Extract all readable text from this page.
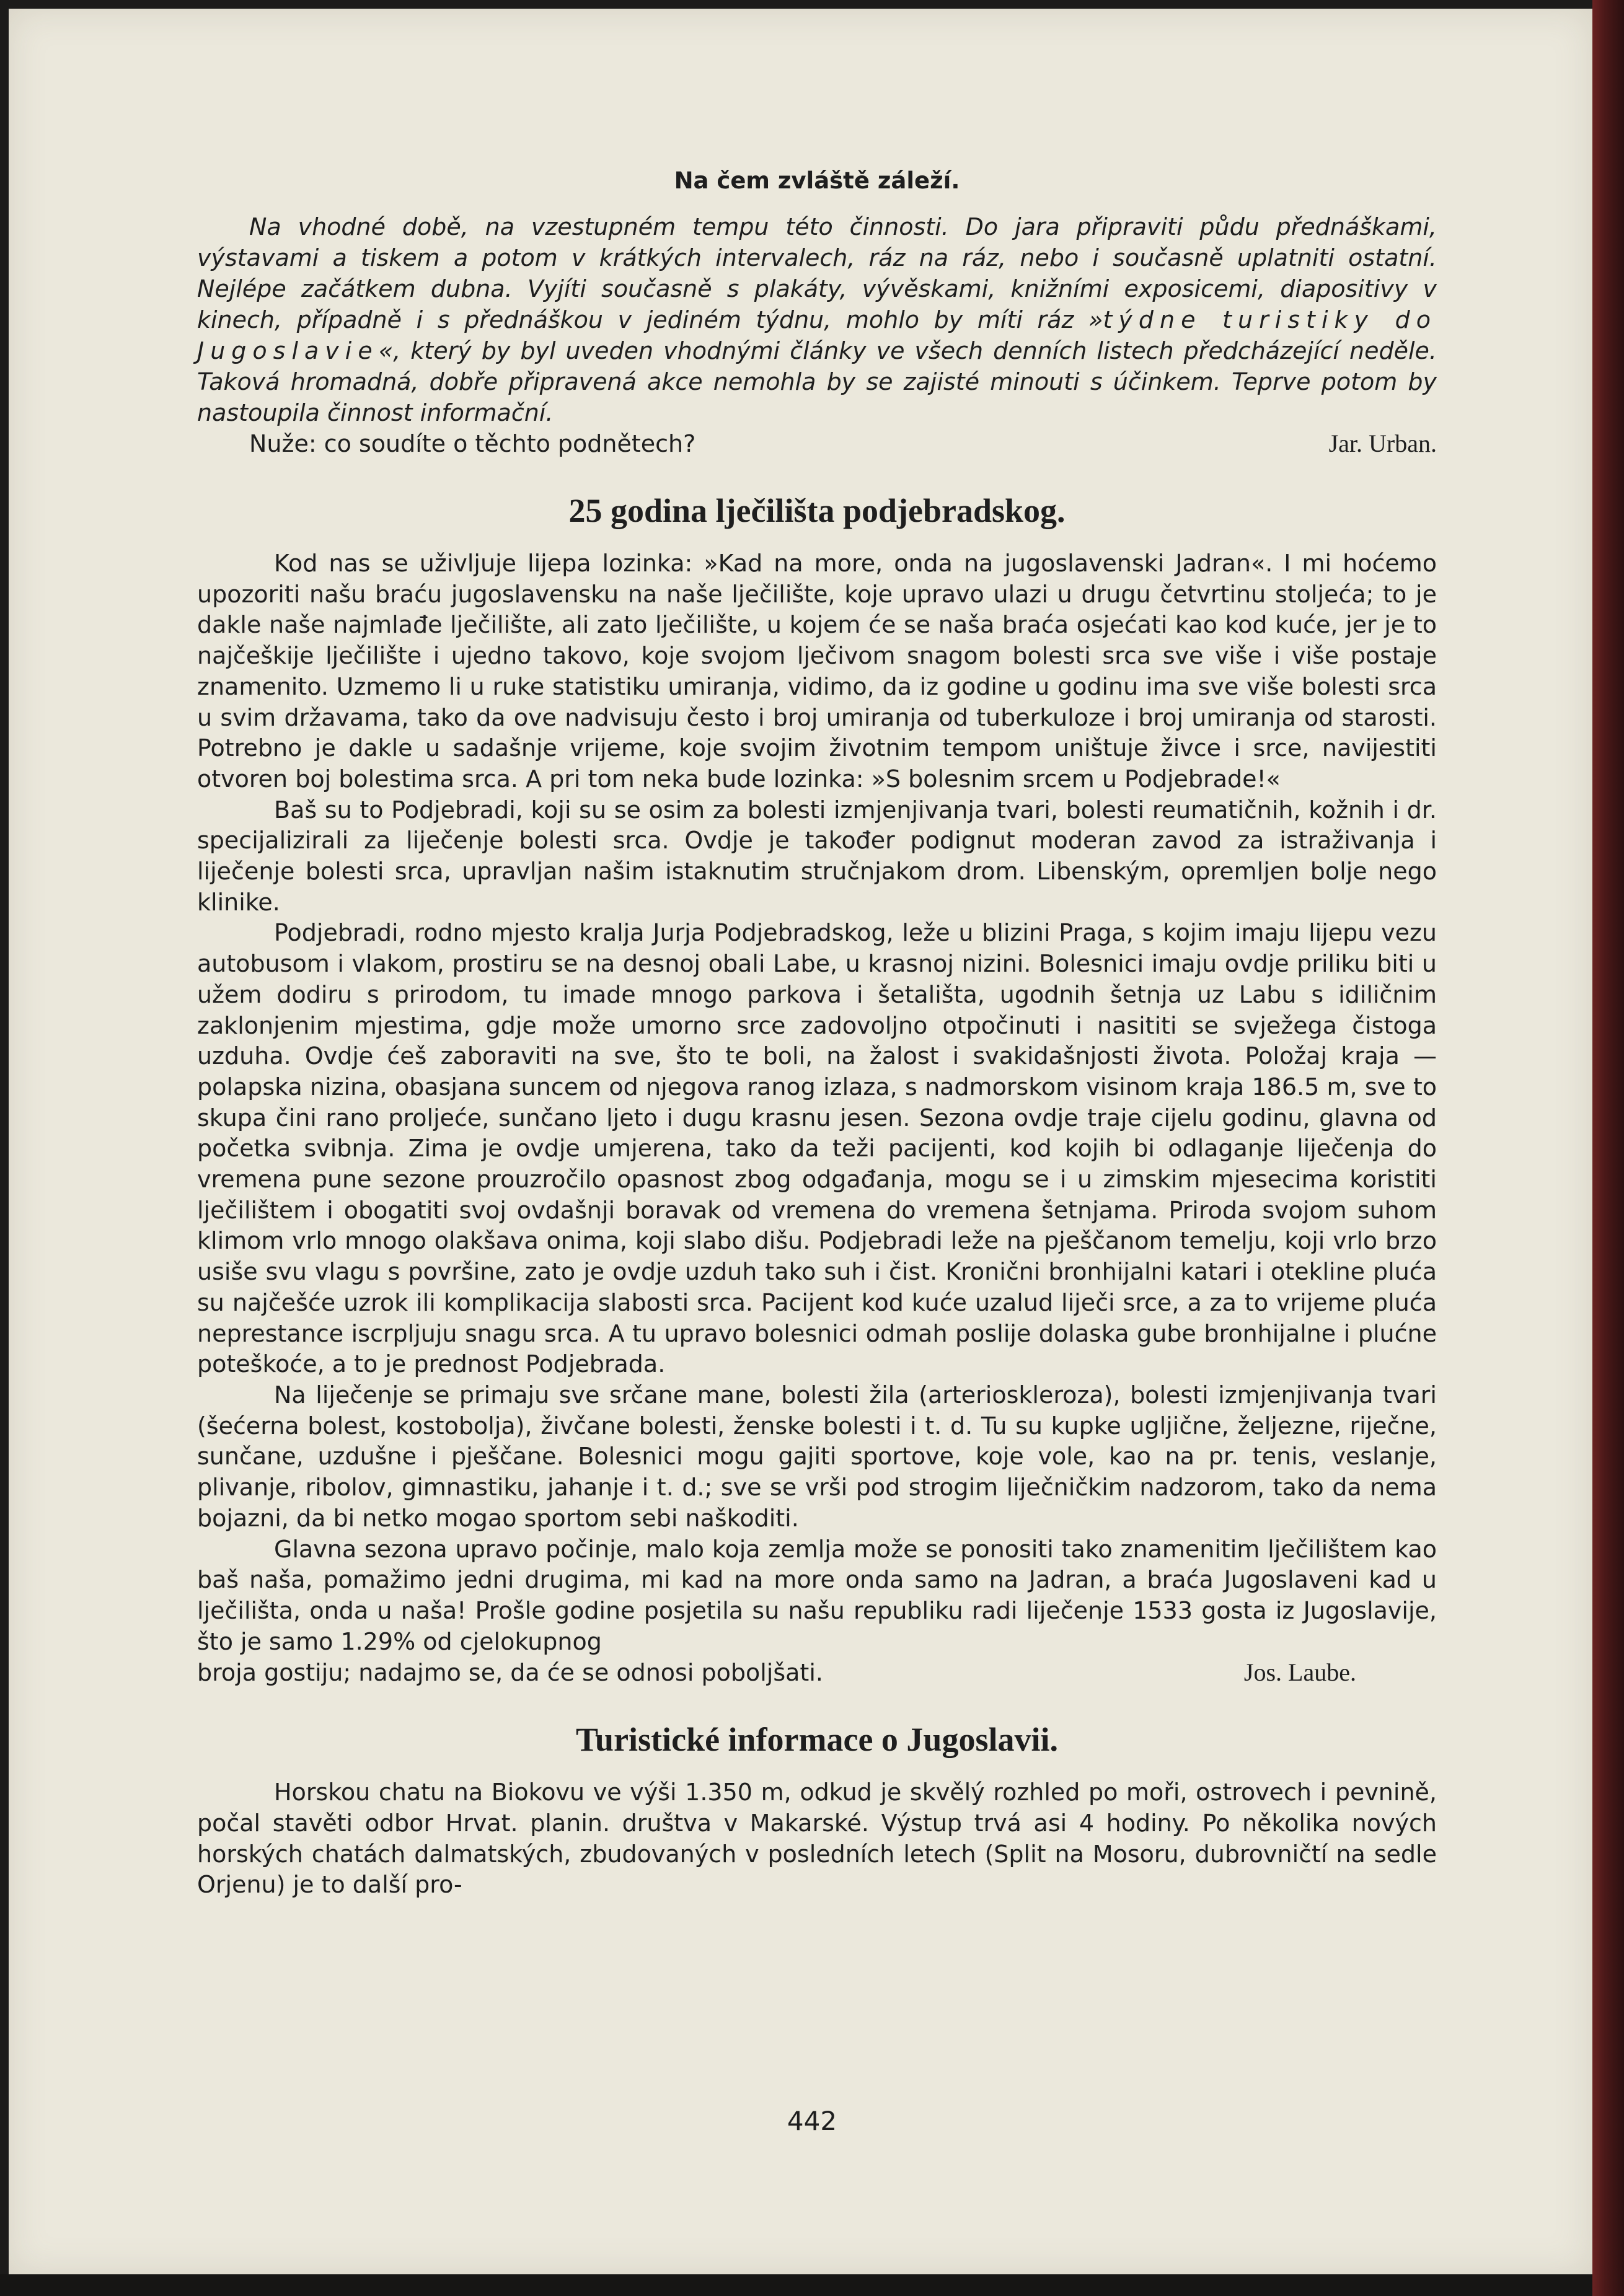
Na čem zvláště záleží.

Na vhodné době, na vzestupném tempu této činnosti. Do jara připraviti půdu přednáškami, výstavami a tiskem a potom v krátkých intervalech, ráz na ráz, nebo i současně uplatniti ostatní. Nejlépe začátkem dubna. Vyjíti současně s plakáty, vývěskami, knižními exposicemi, diapositivy v kinech, případně i s přednáškou v jediném týdnu, mohlo by míti ráz »týdne turistiky do Jugoslavie«, který by byl uveden vhodnými články ve všech denních listech předcházející neděle. Taková hromadná, dobře připravená akce nemohla by se zajisté minouti s účinkem. Teprve potom by nastoupila činnost informační.

Nuže: co soudíte o těchto podnětech?	Jar. Urban.
25 godina lječilišta podjebradskog.

Kod nas se uživljuje lijepa lozinka: »Kad na more, onda na jugoslavenski Jadran«. I mi hoćemo upozoriti našu braću jugoslavensku na naše lječilište, koje upravo ulazi u drugu četvrtinu stoljeća; to je dakle naše najmlađe lječilište, ali zato lječilište, u kojem će se naša braća osjećati kao kod kuće, jer je to najčeškije lječilište i ujedno takovo, koje svojom lječivom snagom bolesti srca sve više i više postaje znamenito. Uzmemo li u ruke statistiku umiranja, vidimo, da iz godine u godinu ima sve više bolesti srca u svim državama, tako da ove nadvisuju često i broj umiranja od tuberkuloze i broj umiranja od starosti. Potrebno je dakle u sadašnje vrijeme, koje svojim životnim tempom uništuje živce i srce, navijestiti otvoren boj bolestima srca. A pri tom neka bude lozinka: »S bolesnim srcem u Podjebrade!«

Baš su to Podjebradi, koji su se osim za bolesti izmjenjivanja tvari, bolesti reumatičnih, kožnih i dr. specijalizirali za liječenje bolesti srca. Ovdje je također podignut moderan zavod za istraživanja i liječenje bolesti srca, upravljan našim istaknutim stručnjakom drom. Libenským, opremljen bolje nego klinike.

Podjebradi, rodno mjesto kralja Jurja Podjebradskog, leže u blizini Praga, s kojim imaju lijepu vezu autobusom i vlakom, prostiru se na desnoj obali Labe, u krasnoj nizini. Bolesnici imaju ovdje priliku biti u užem dodiru s prirodom, tu imade mnogo parkova i šetališta, ugodnih šetnja uz Labu s idiličnim zaklonjenim mjestima, gdje može umorno srce zadovoljno otpočinuti i nasititi se svježega čistoga uzduha. Ovdje ćeš zaboraviti na sve, što te boli, na žalost i svakidašnjosti života. Položaj kraja — polapska nizina, obasjana suncem od njegova ranog izlaza, s nadmorskom visinom kraja 186.5 m, sve to skupa čini rano proljeće, sunčano ljeto i dugu krasnu jesen. Sezona ovdje traje cijelu godinu, glavna od početka svibnja. Zima je ovdje umjerena, tako da teži pacijenti, kod kojih bi odlaganje liječenja do vremena pune sezone prouzročilo opasnost zbog odgađanja, mogu se i u zimskim mjesecima koristiti lječilištem i obogatiti svoj ovdašnji boravak od vremena do vremena šetnjama. Priroda svojom suhom klimom vrlo mnogo olakšava onima, koji slabo dišu. Podjebradi leže na pješčanom temelju, koji vrlo brzo usiše svu vlagu s površine, zato je ovdje uzduh tako suh i čist. Kronični bronhijalni katari i otekline pluća su najčešće uzrok ili komplikacija slabosti srca. Pacijent kod kuće uzalud liječi srce, a za to vrijeme pluća neprestance iscrpljuju snagu srca. A tu upravo bolesnici odmah poslije dolaska gube bronhijalne i plućne poteškoće, a to je prednost Podjebrada.

Na liječenje se primaju sve srčane mane, bolesti žila (arterioskleroza), bolesti izmjenjivanja tvari (šećerna bolest, kostobolja), živčane bolesti, ženske bolesti i t. d. Tu su kupke ugljične, željezne, riječne, sunčane, uzdušne i pješčane. Bolesnici mogu gajiti sportove, koje vole, kao na pr. tenis, veslanje, plivanje, ribolov, gimnastiku, jahanje i t. d.; sve se vrši pod strogim liječničkim nadzorom, tako da nema bojazni, da bi netko mogao sportom sebi naškoditi.

Glavna sezona upravo počinje, malo koja zemlja može se ponositi tako znamenitim lječilištem kao baš naša, pomažimo jedni drugima, mi kad na more onda samo na Jadran, a braća Jugoslaveni kad u lječilišta, onda u naša! Prošle godine posjetila su našu republiku radi liječenje 1533 gosta iz Jugoslavije, što je samo 1.29% od cjelokupnog

broja gostiju; nadajmo se, da će se odnosi poboljšati.	Jos. Laube.
Turistické informace o Jugoslavii.

Horskou chatu na Biokovu ve výši 1.350 m, odkud je skvělý rozhled po moři, ostrovech i pevnině, počal stavěti odbor Hrvat. planin. društva v Makarské. Výstup trvá asi 4 hodiny. Po několika nových horských chatách dalmatských, zbudovaných v posledních letech (Split na Mosoru, dubrovničtí na sedle Orjenu) je to další pro-

442
